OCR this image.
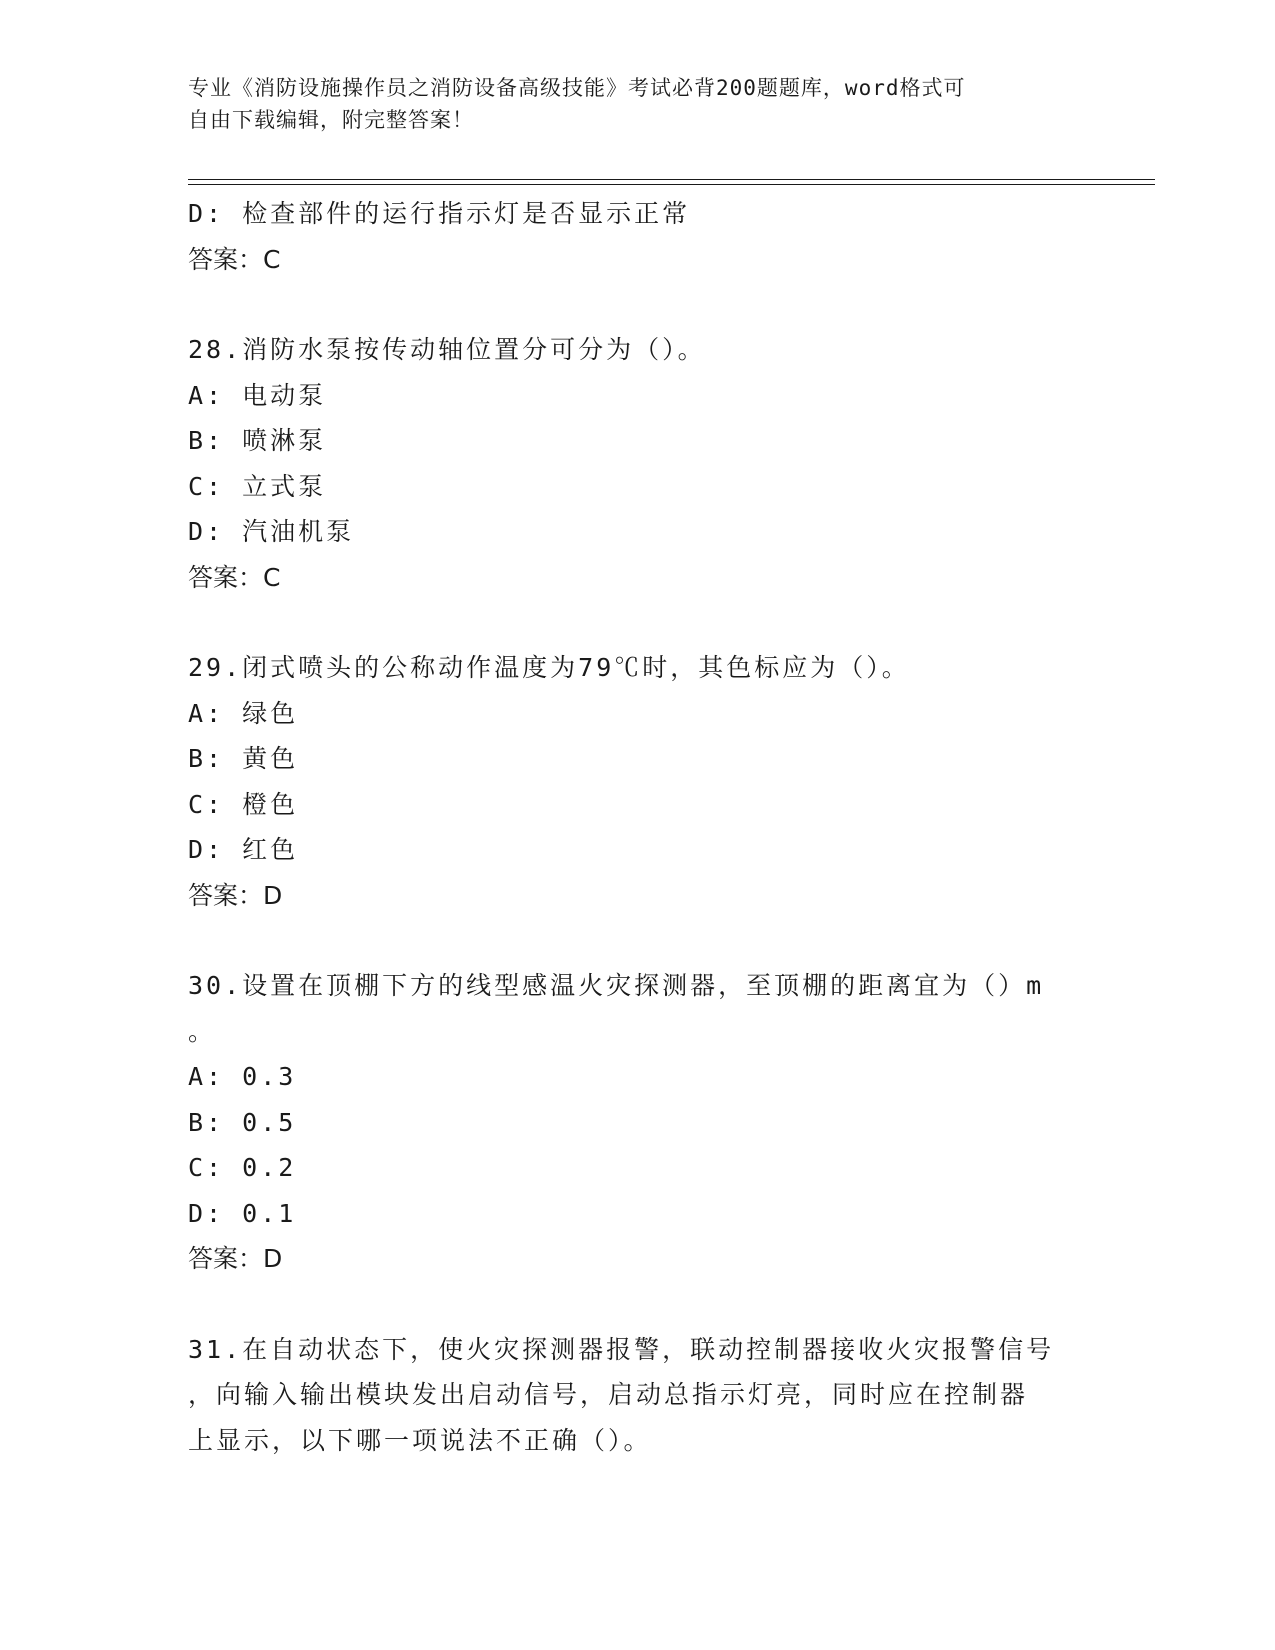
专业《消防设施操作员之消防设备高级技能》考试必背200题题库，word格式可
自由下载编辑，附完整答案！
D: 检查部件的运行指示灯是否显示正常
答案：C
28.消防水泵按传动轴位置分可分为（）。
A: 电动泵
B: 喷淋泵
C: 立式泵
D: 汽油机泵
答案：C
29.闭式喷头的公称动作温度为79℃时，其色标应为（）。
A: 绿色
B: 黄色
C: 橙色
D: 红色
答案：D
30.设置在顶棚下方的线型感温火灾探测器，至顶棚的距离宜为（）m
。
A: 0.3
B: 0.5
C: 0.2
D: 0.1
答案：D
31.在自动状态下，使火灾探测器报警，联动控制器接收火灾报警信号
，向输入输出模块发出启动信号，启动总指示灯亮，同时应在控制器
上显示，以下哪一项说法不正确（）。
